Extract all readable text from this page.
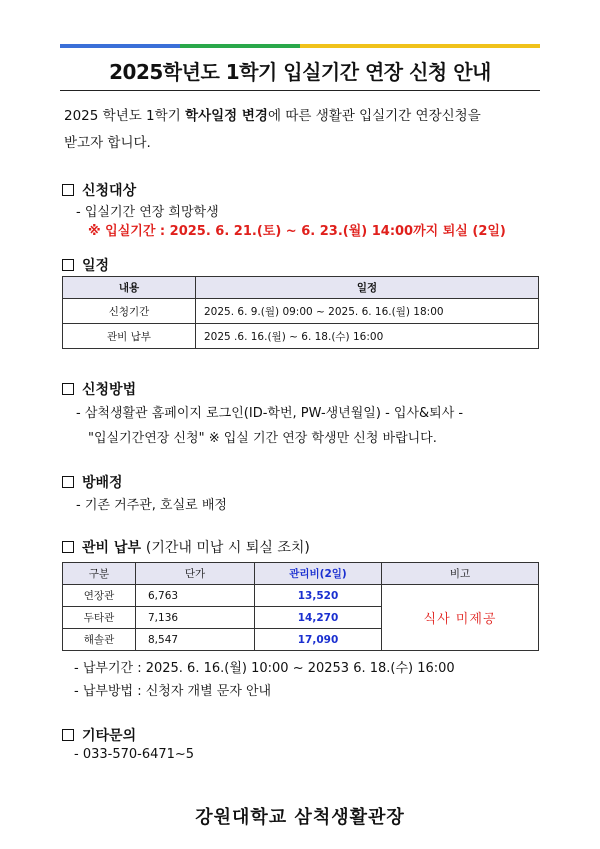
2025학년도 1학기 입실기간 연장 신청 안내
2025 학년도 1학기 학사일정 변경에 따른 생활관 입실기간 연장신청을
받고자 합니다.
신청대상
- 입실기간 연장 희망학생
※ 입실기간 : 2025. 6. 21.(토) ~ 6. 23.(월) 14:00까지 퇴실 (2일)
일정
내용	일정
신청기간	2025. 6. 9.(월) 09:00 ~ 2025. 6. 16.(월) 18:00
관비 납부	2025 .6. 16.(월) ~ 6. 18.(수) 16:00
신청방법
- 삼척생활관 홈페이지 로그인(ID-학번, PW-생년월일) - 입사&퇴사 -
"입실기간연장 신청" ※ 입실 기간 연장 학생만 신청 바랍니다.
방배정
- 기존 거주관, 호실로 배정
관비 납부 (기간내 미납 시 퇴실 조치)
구분	단가	관리비(2일)	비고
연장관	6,763	13,520	식사 미제공
두타관	7,136	14,270	
해솔관	8,547	17,090	
- 납부기간 : 2025. 6. 16.(월) 10:00 ~ 20253 6. 18.(수) 16:00
- 납부방법 : 신청자 개별 문자 안내
기타문의
- 033-570-6471~5
강원대학교 삼척생활관장
